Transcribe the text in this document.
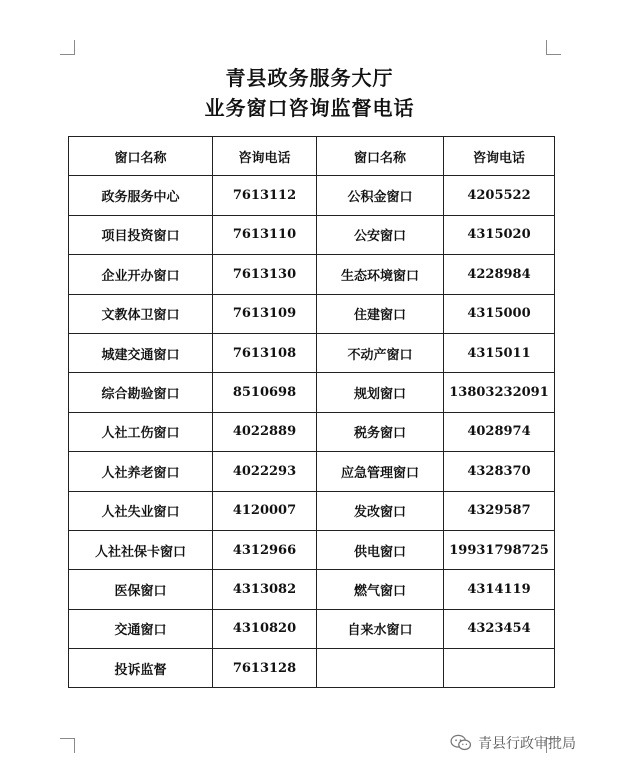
青县政务服务大厅
业务窗口咨询监督电话
窗口名称	咨询电话	窗口名称	咨询电话
政务服务中心	7613112	公积金窗口	4205522
项目投资窗口	7613110	公安窗口	4315020
企业开办窗口	7613130	生态环境窗口	4228984
文教体卫窗口	7613109	住建窗口	4315000
城建交通窗口	7613108	不动产窗口	4315011
综合勘验窗口	8510698	规划窗口	13803232091
人社工伤窗口	4022889	税务窗口	4028974
人社养老窗口	4022293	应急管理窗口	4328370
人社失业窗口	4120007	发改窗口	4329587
人社社保卡窗口	4312966	供电窗口	19931798725
医保窗口	4313082	燃气窗口	4314119
交通窗口	4310820	自来水窗口	4323454
投诉监督	7613128		
青县行政审批局
